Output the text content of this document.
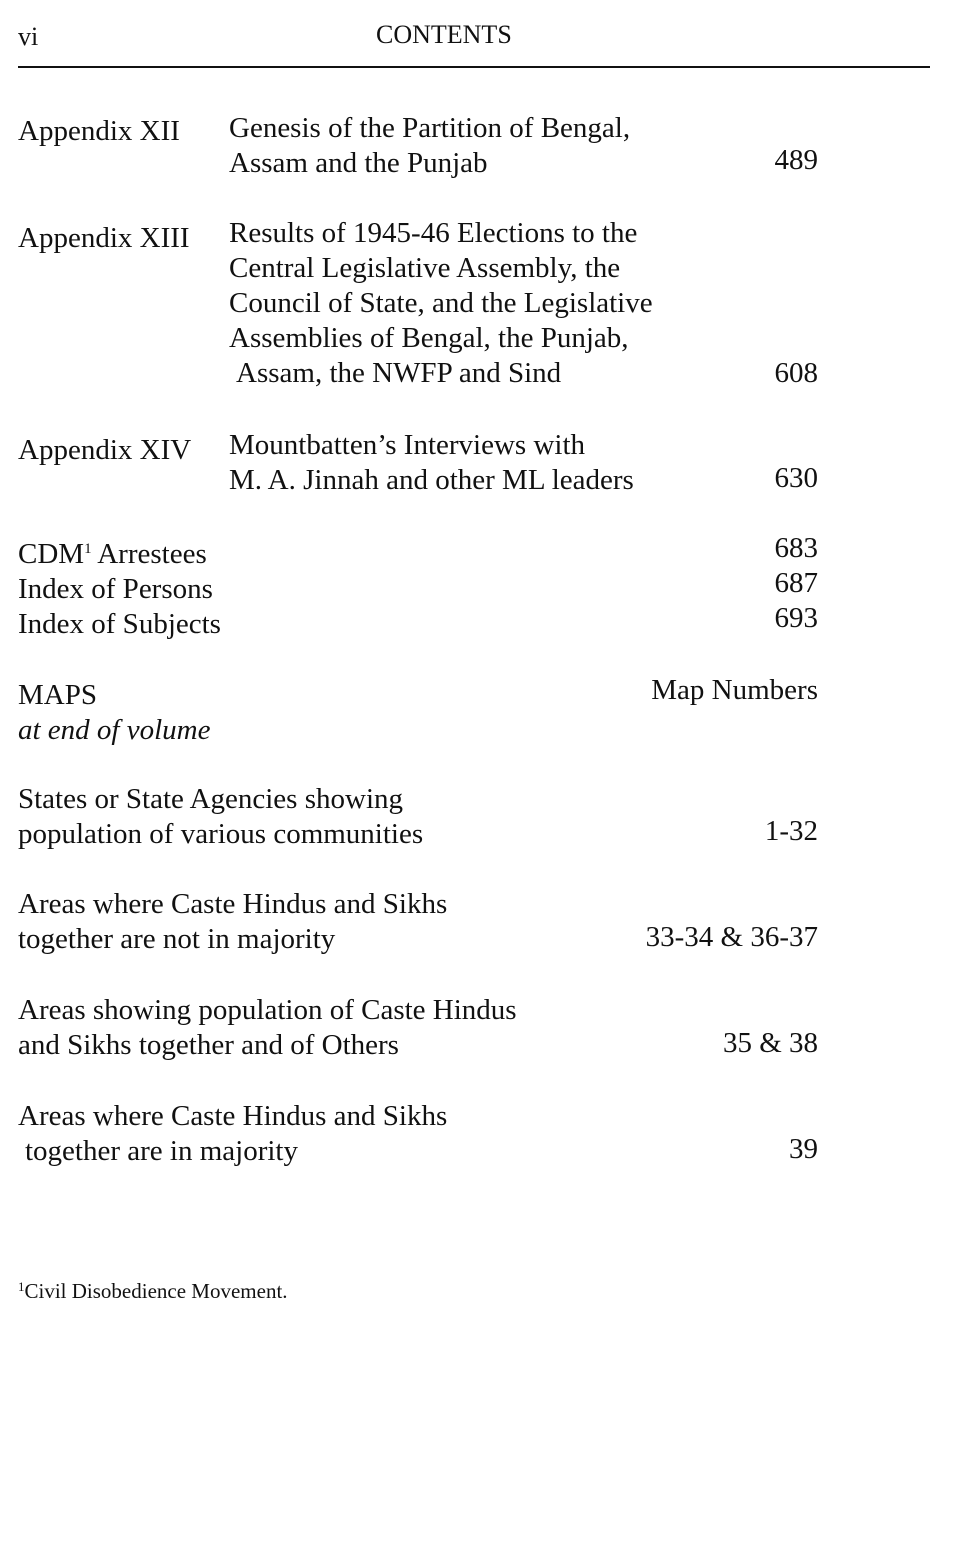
vi	CONTENTS
Appendix XII Genesis of the Partition of Bengal,
Assam and the Punjab	489
Appendix XIII Results of 1945-46 Elections to the
Central Legislative Assembly, the
Council of State, and the Legislative
Assemblies of Bengal, the Punjab,
Assam, the NWFP and Sind	608
Appendix XIV Mountbatten’s Interviews with
M. A. Jinnah and other ML leaders	630
CDM$^1$ Arrestees	683
Index of Persons	687
Index of Subjects	693
MAPS	Map Numbers
at end of volume
States or State Agencies showing
population of various communities	1-32
Areas where Caste Hindus and Sikhs
together are not in majority	33-34 & 36-37
Areas showing population of Caste Hindus
and Sikhs together and of Others	35 & 38
Areas where Caste Hindus and Sikhs
together are in majority	39
$^1$Civil Disobedience Movement.
